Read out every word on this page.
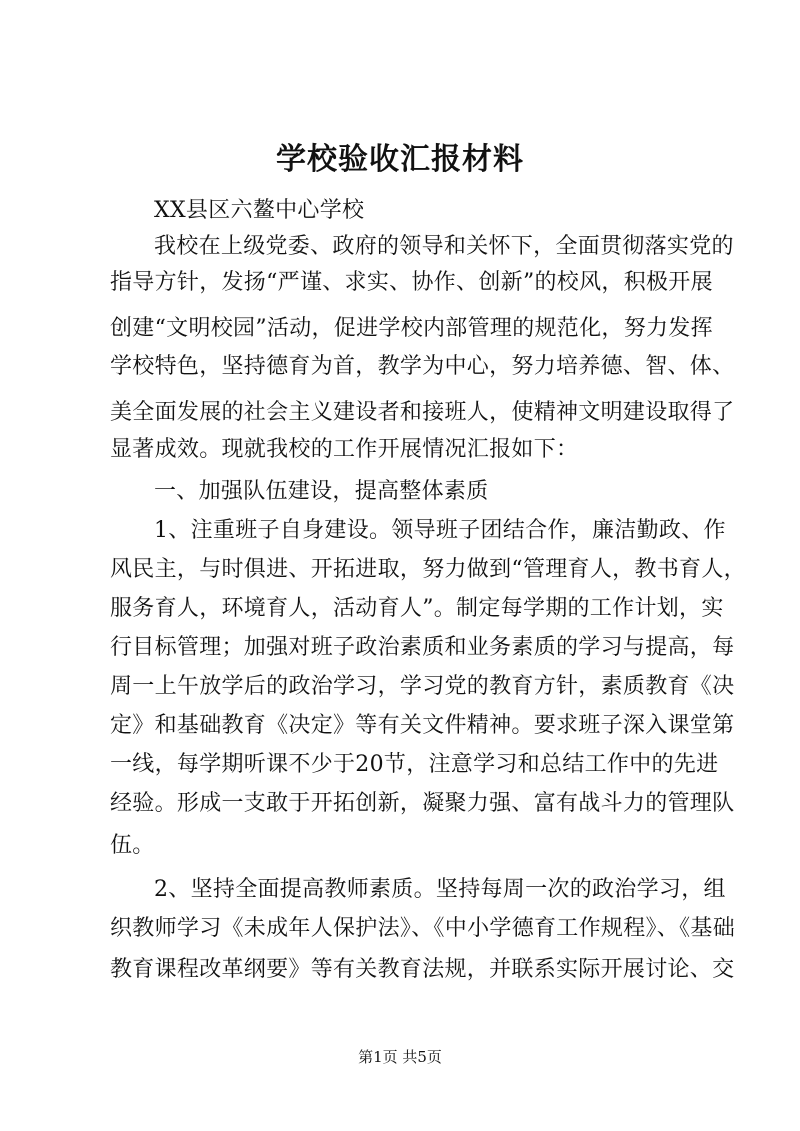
学校验收汇报材料
XX县区六鳌中心学校
我校在上级党委、政府的领导和关怀下，全面贯彻落实党的
指导方针，发扬“严谨、求实、协作、创新”的校风，积极开展
创建“文明校园”活动，促进学校内部管理的规范化，努力发挥
学校特色，坚持德育为首，教学为中心，努力培养德、智、体、
美全面发展的社会主义建设者和接班人，使精神文明建设取得了
显著成效。现就我校的工作开展情况汇报如下：
一、加强队伍建设，提高整体素质
1、注重班子自身建设。领导班子团结合作，廉洁勤政、作
风民主，与时俱进、开拓进取，努力做到“管理育人，教书育人，
服务育人，环境育人，活动育人”。制定每学期的工作计划，实
行目标管理；加强对班子政治素质和业务素质的学习与提高，每
周一上午放学后的政治学习，学习党的教育方针，素质教育《决
定》和基础教育《决定》等有关文件精神。要求班子深入课堂第
一线，每学期听课不少于20节，注意学习和总结工作中的先进
经验。形成一支敢于开拓创新，凝聚力强、富有战斗力的管理队
伍。
2、坚持全面提高教师素质。坚持每周一次的政治学习，组
织教师学习《未成年人保护法》、《中小学德育工作规程》、《基础
教育课程改革纲要》等有关教育法规，并联系实际开展讨论、交
第1页 共5页
